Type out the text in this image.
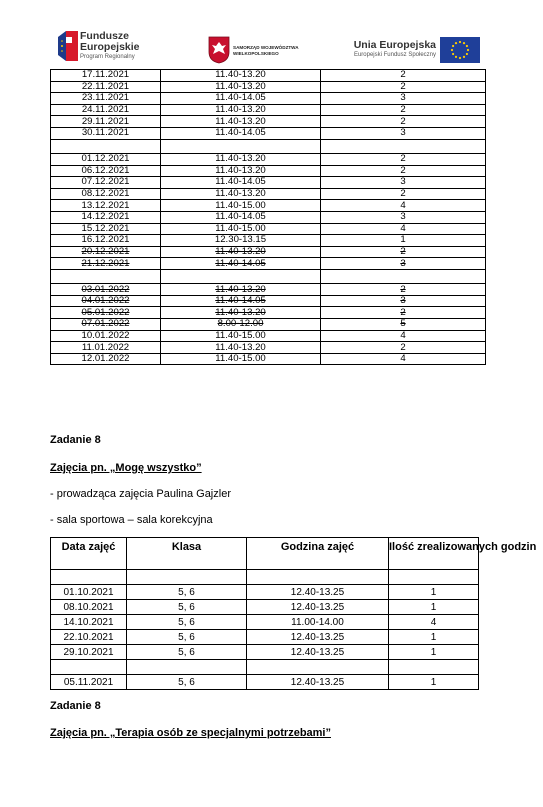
Fundusze
Europejskie
Program Regionalny
SAMORZĄD WOJEWÓDZTWA
WIELKOPOLSKIEGO
Unia Europejska
Europejski Fundusz Społeczny
17.11.2021	11.40-13.20	2
22.11.2021	11.40-13.20	2
23.11.2021	11.40-14.05	3
24.11.2021	11.40-13.20	2
29.11.2021	11.40-13.20	2
30.11.2021	11.40-14.05	3

01.12.2021	11.40-13.20	2
06.12.2021	11.40-13.20	2
07.12.2021	11.40-14.05	3
08.12.2021	11.40-13.20	2
13.12.2021	11.40-15.00	4
14.12.2021	11.40-14.05	3
15.12.2021	11.40-15.00	4
16.12.2021	12.30-13.15	1
20.12.2021	11.40-13.20	2
21.12.2021	11.40-14.05	3

03.01.2022	11.40-13.20	2
04.01.2022	11.40-14.05	3
05.01.2022	11.40-13.20	2
07.01.2022	8.00-12.00	5
10.01.2022	11.40-15.00	4
11.01.2022	11.40-13.20	2
12.01.2022	11.40-15.00	4
Zadanie 8
Zajęcia pn. „Mogę wszystko”
- prowadząca zajęcia Paulina Gajzler
- sala sportowa – sala korekcyjna
Data zajęć	Klasa	Godzina zajęć	Ilość zrealizowanych godzin

01.10.2021	5, 6	12.40-13.25	1
08.10.2021	5, 6	12.40-13.25	1
14.10.2021	5, 6	11.00-14.00	4
22.10.2021	5, 6	12.40-13.25	1
29.10.2021	5, 6	12.40-13.25	1

05.11.2021	5, 6	12.40-13.25	1
Zadanie 8
Zajęcia pn. „Terapia osób ze specjalnymi potrzebami”
